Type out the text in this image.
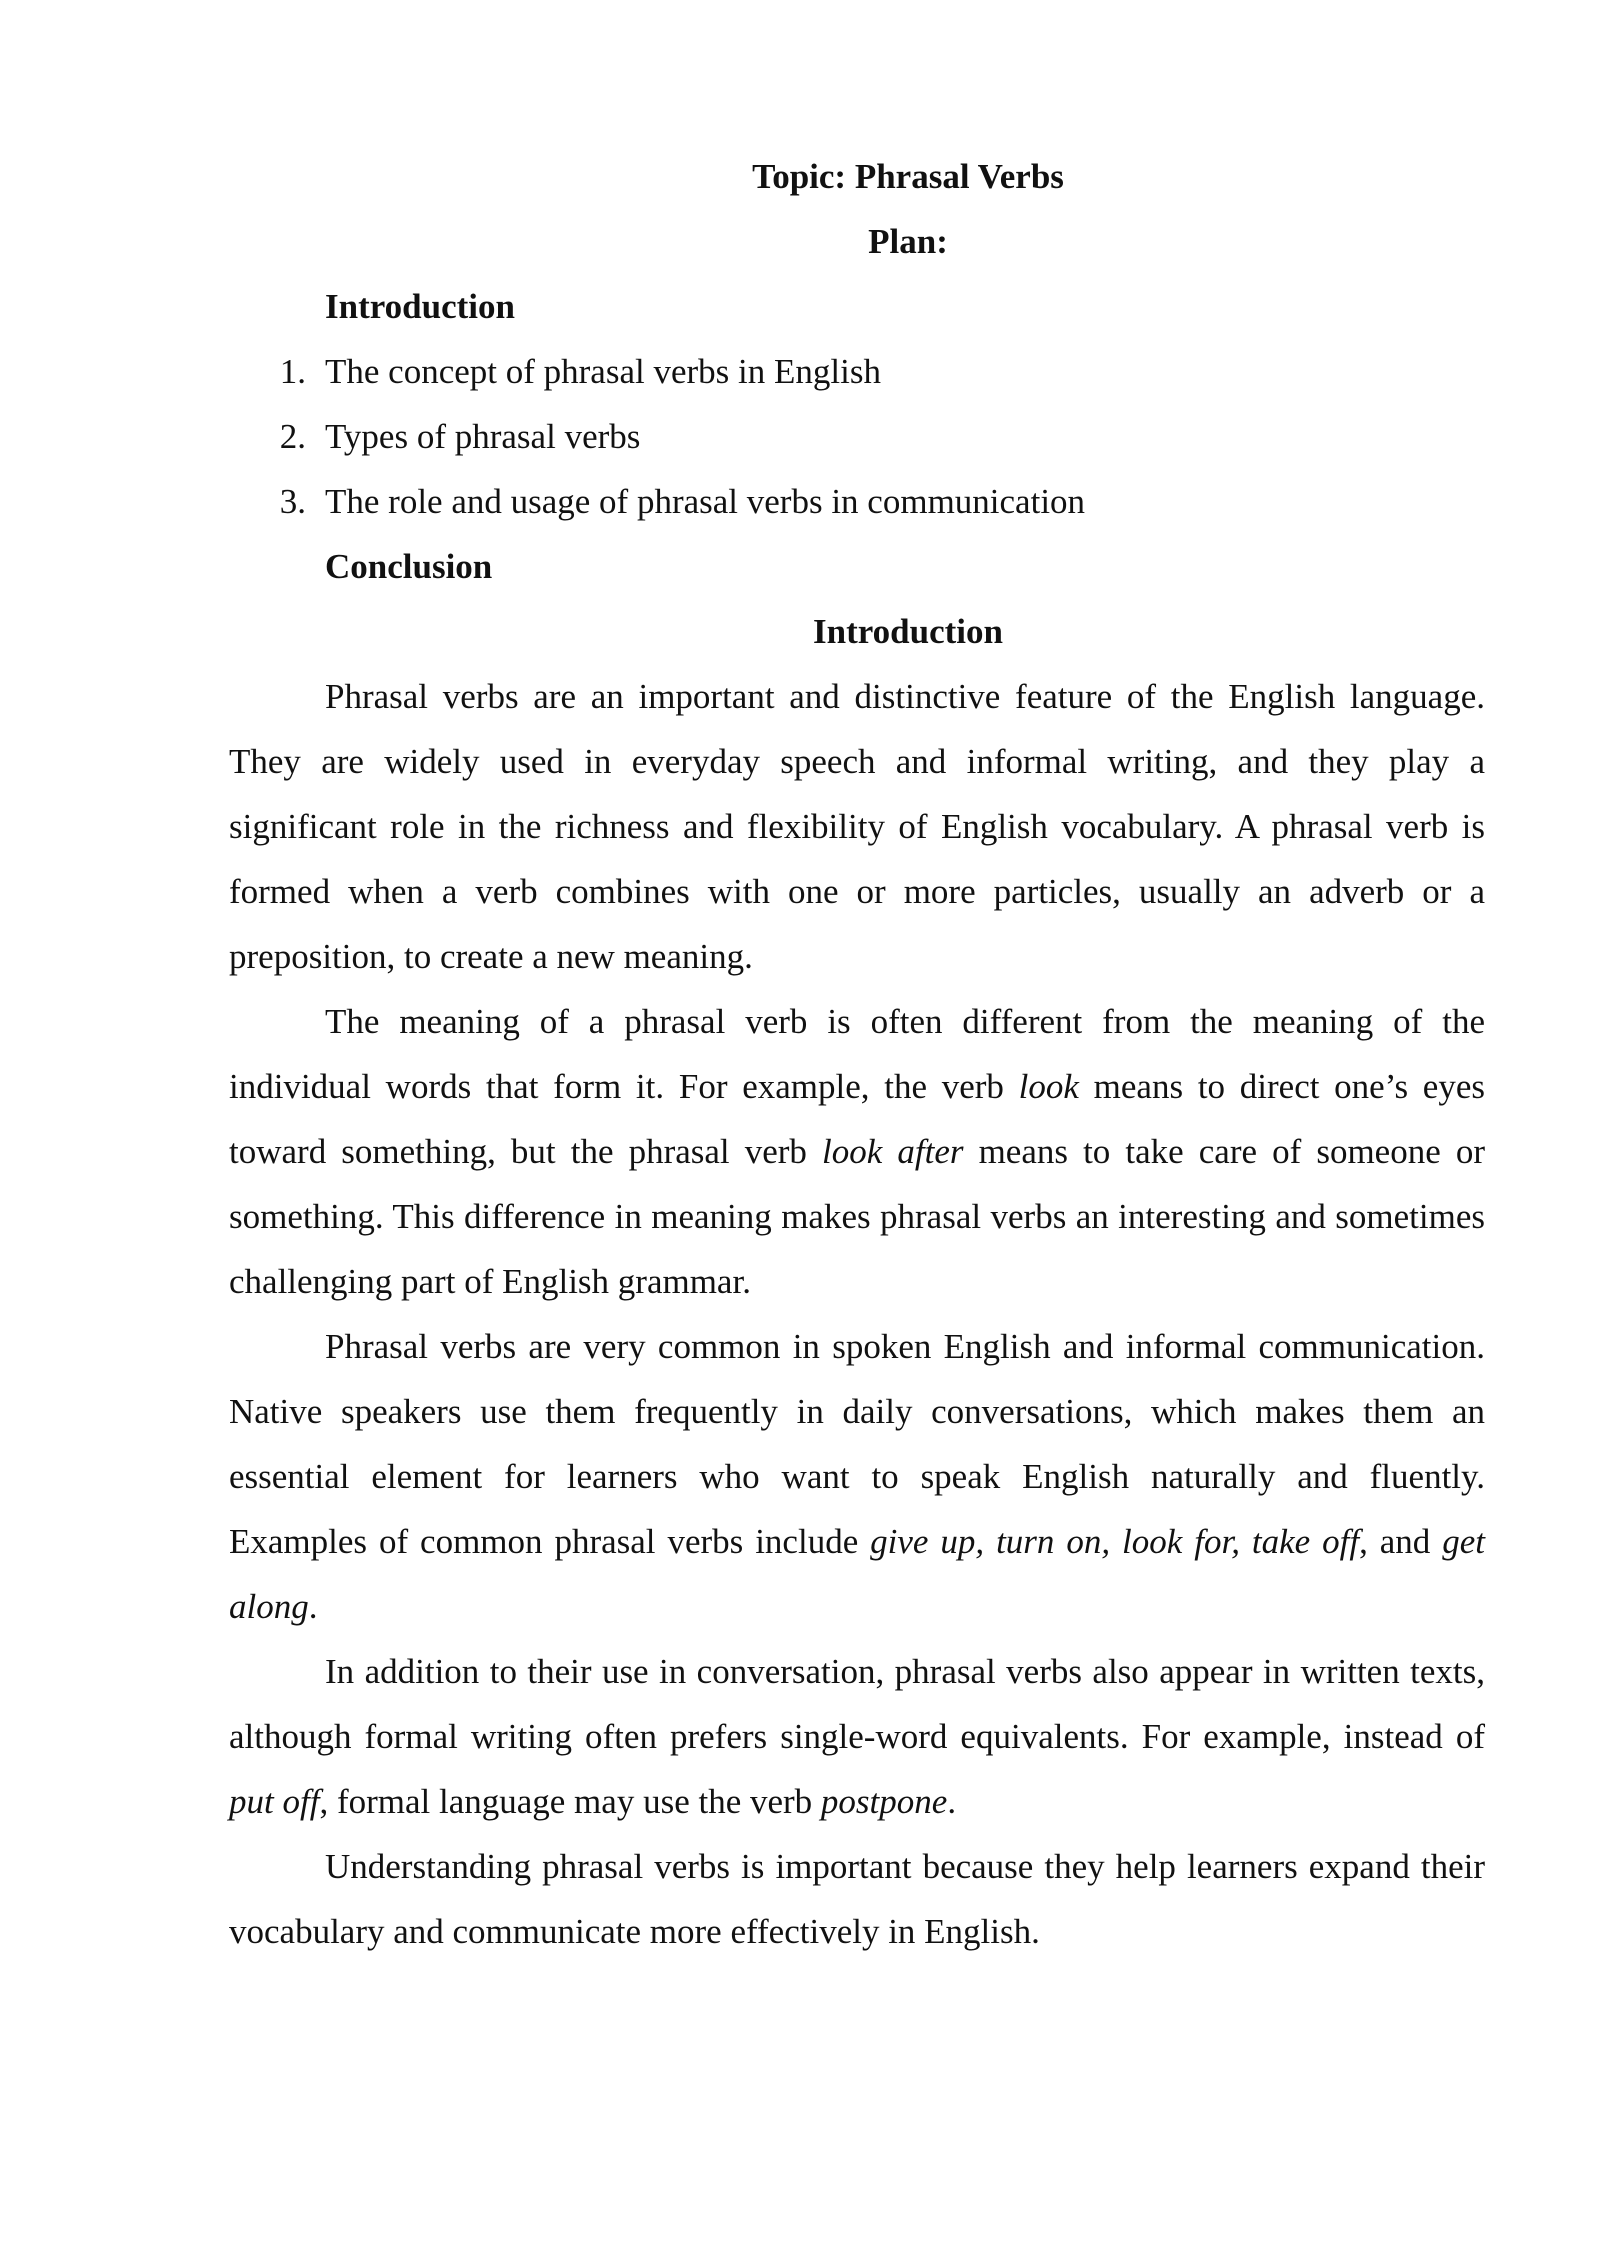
Topic: Phrasal Verbs
Plan:
Introduction
1. The concept of phrasal verbs in English
2. Types of phrasal verbs
3. The role and usage of phrasal verbs in communication
Conclusion
Introduction

Phrasal verbs are an important and distinctive feature of the English language. They are widely used in everyday speech and informal writing, and they play a significant role in the richness and flexibility of English vocabulary. A phrasal verb is formed when a verb combines with one or more particles, usually an adverb or a preposition, to create a new meaning.

The meaning of a phrasal verb is often different from the meaning of the individual words that form it. For example, the verb look means to direct one’s eyes toward something, but the phrasal verb look after means to take care of someone or something. This difference in meaning makes phrasal verbs an interesting and sometimes challenging part of English grammar.

Phrasal verbs are very common in spoken English and informal communication. Native speakers use them frequently in daily conversations, which makes them an essential element for learners who want to speak English naturally and fluently. Examples of common phrasal verbs include give up, turn on, look for, take off, and get along.

In addition to their use in conversation, phrasal verbs also appear in written texts, although formal writing often prefers single-word equivalents. For example, instead of put off, formal language may use the verb postpone.

Understanding phrasal verbs is important because they help learners expand their vocabulary and communicate more effectively in English.
